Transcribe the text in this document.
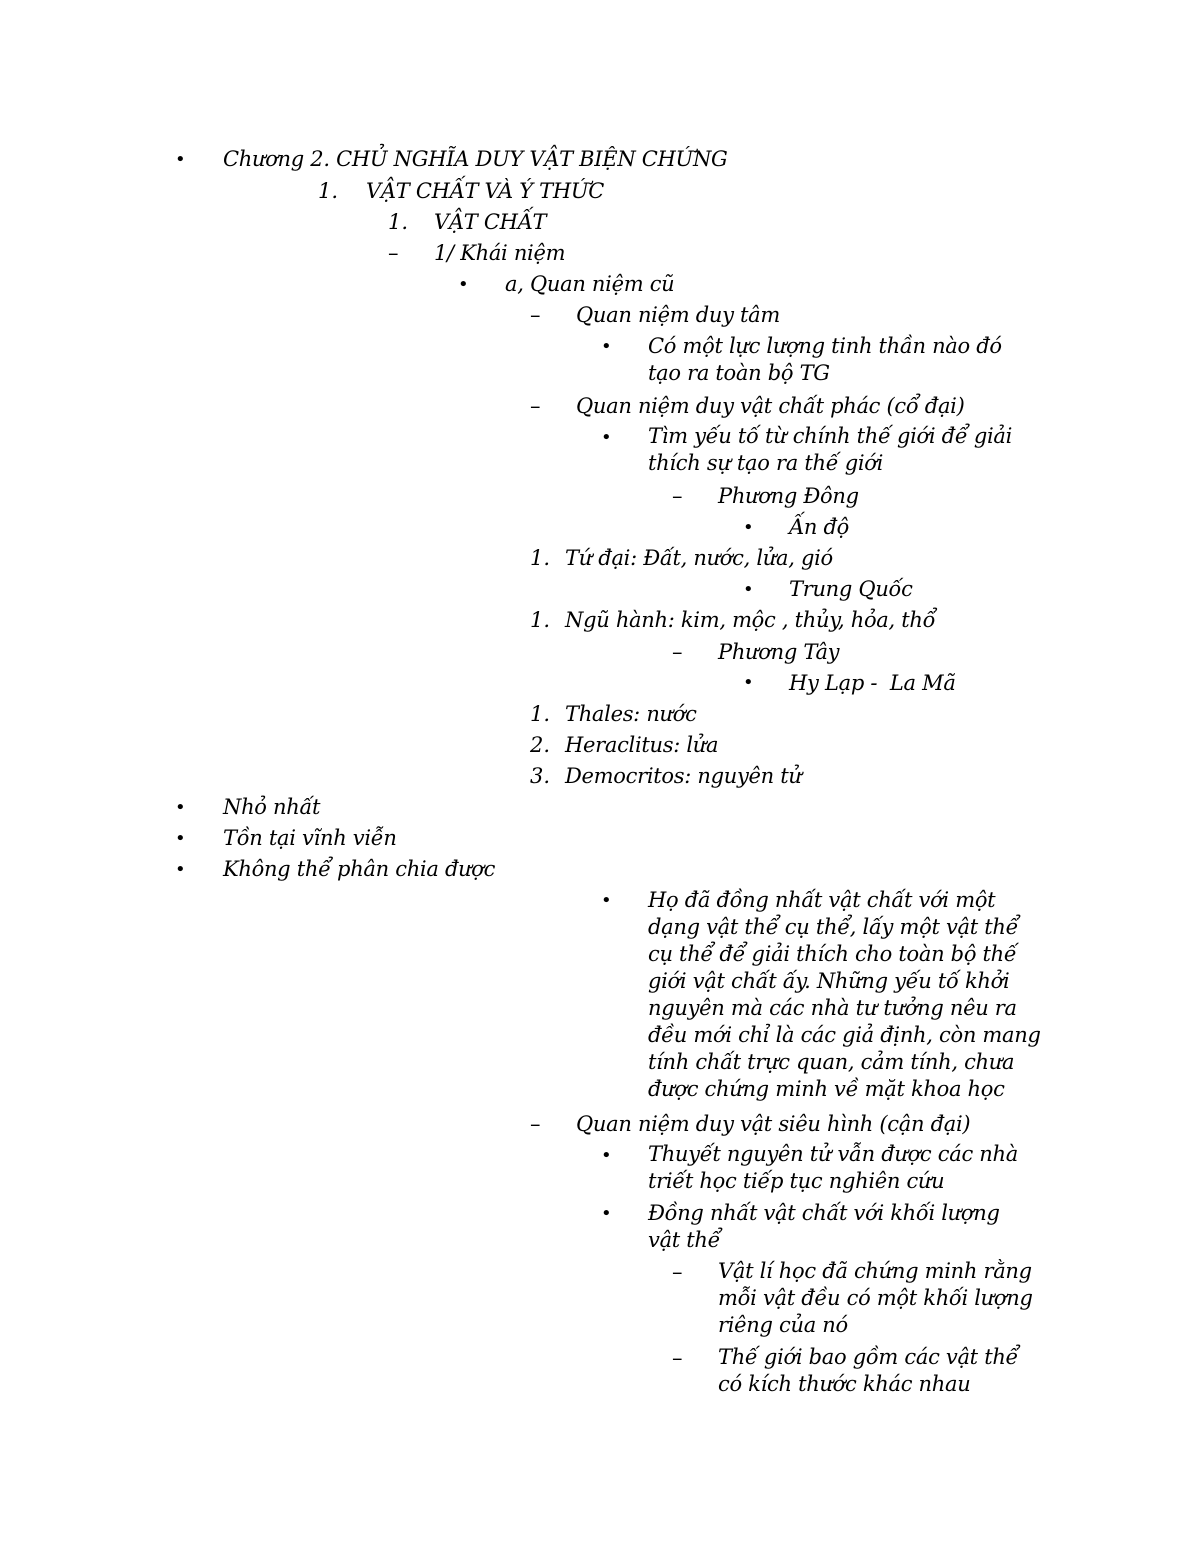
• Chương 2. CHỦ NGHĨA DUY VẬT BIỆN CHỨNG
1. VẬT CHẤT VÀ Ý THỨC
1. VẬT CHẤT
– 1/ Khái niệm
• a, Quan niệm cũ
– Quan niệm duy tâm
• Có một lực lượng tinh thần nào đó
tạo ra toàn bộ TG
– Quan niệm duy vật chất phác (cổ đại)
• Tìm yếu tố từ chính thế giới để giải
thích sự tạo ra thế giới
– Phương Đông
• Ấn độ
1. Tứ đại: Đất, nước, lửa, gió
• Trung Quốc
1. Ngũ hành: kim, mộc , thủy, hỏa, thổ
– Phương Tây
• Hy Lạp -  La Mã
1. Thales: nước
2. Heraclitus: lửa
3. Democritos: nguyên tử
• Nhỏ nhất
• Tồn tại vĩnh viễn
• Không thể phân chia được
• Họ đã đồng nhất vật chất với một
dạng vật thể cụ thể, lấy một vật thể
cụ thể để giải thích cho toàn bộ thế
giới vật chất ấy. Những yếu tố khởi
nguyên mà các nhà tư tưởng nêu ra
đều mới chỉ là các giả định, còn mang
tính chất trực quan, cảm tính, chưa
được chứng minh về mặt khoa học
– Quan niệm duy vật siêu hình (cận đại)
• Thuyết nguyên tử vẫn được các nhà
triết học tiếp tục nghiên cứu
• Đồng nhất vật chất với khối lượng
vật thể
– Vật lí học đã chứng minh rằng
mỗi vật đều có một khối lượng
riêng của nó
– Thế giới bao gồm các vật thể
có kích thước khác nhau
